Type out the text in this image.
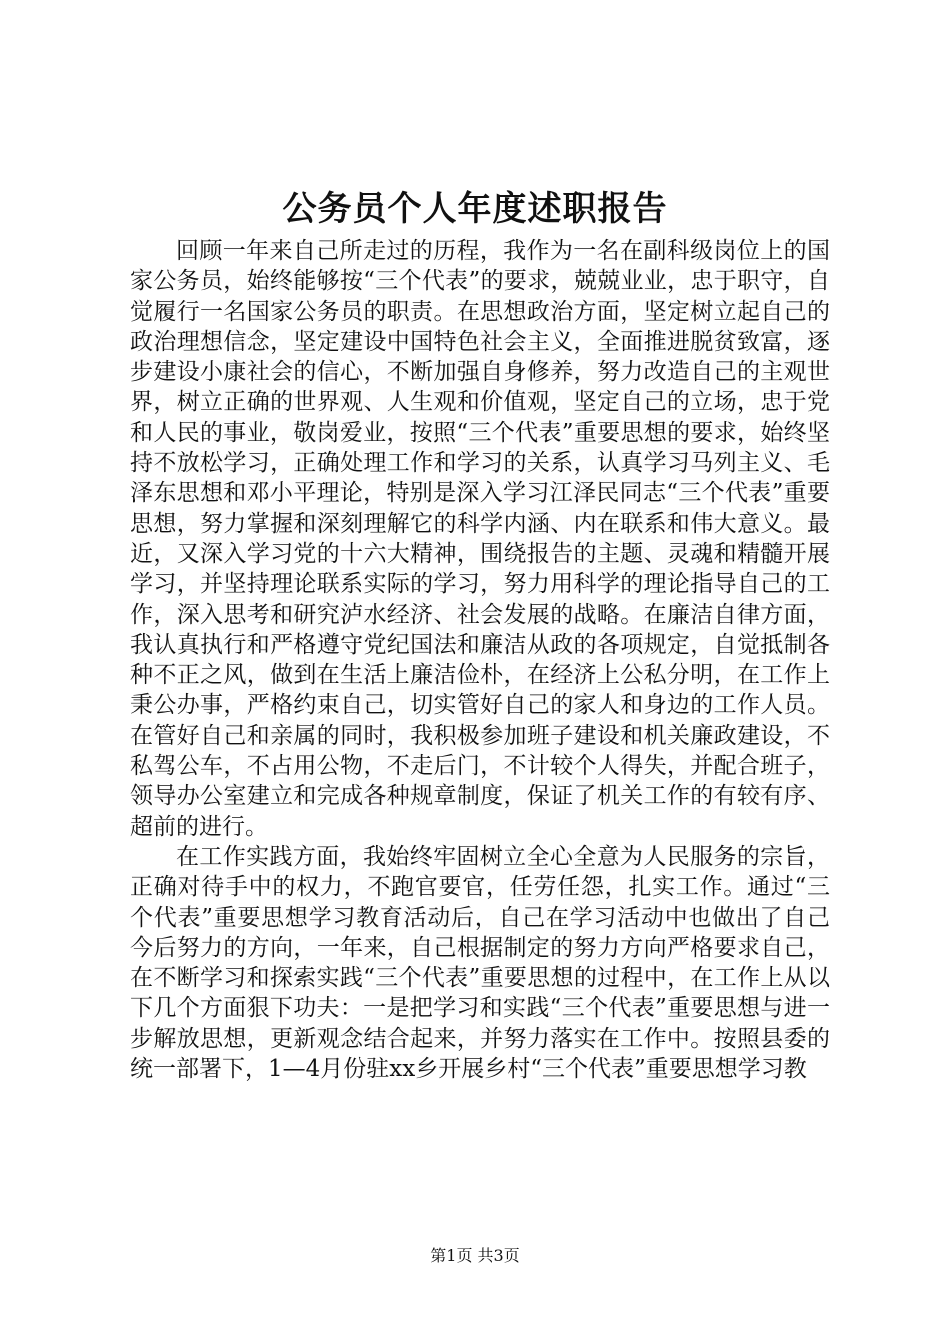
公务员个人年度述职报告

回顾一年来自己所走过的历程，我作为一名在副科级岗位上的国家公务员，始终能够按“三个代表”的要求，兢兢业业，忠于职守，自觉履行一名国家公务员的职责。在思想政治方面，坚定树立起自己的政治理想信念，坚定建设中国特色社会主义，全面推进脱贫致富，逐步建设小康社会的信心，不断加强自身修养，努力改造自己的主观世界，树立正确的世界观、人生观和价值观，坚定自己的立场，忠于党和人民的事业，敬岗爱业，按照“三个代表”重要思想的要求，始终坚持不放松学习，正确处理工作和学习的关系，认真学习马列主义、毛泽东思想和邓小平理论，特别是深入学习江泽民同志“三个代表”重要思想，努力掌握和深刻理解它的科学内涵、内在联系和伟大意义。最近，又深入学习党的十六大精神，围绕报告的主题、灵魂和精髓开展学习，并坚持理论联系实际的学习，努力用科学的理论指导自己的工作，深入思考和研究泸水经济、社会发展的战略。在廉洁自律方面，我认真执行和严格遵守党纪国法和廉洁从政的各项规定，自觉抵制各种不正之风，做到在生活上廉洁俭朴，在经济上公私分明，在工作上秉公办事，严格约束自己，切实管好自己的家人和身边的工作人员。在管好自己和亲属的同时，我积极参加班子建设和机关廉政建设，不私驾公车，不占用公物，不走后门，不计较个人得失，并配合班子，领导办公室建立和完成各种规章制度，保证了机关工作的有较有序、超前的进行。

在工作实践方面，我始终牢固树立全心全意为人民服务的宗旨，正确对待手中的权力，不跑官要官，任劳任怨，扎实工作。通过“三个代表”重要思想学习教育活动后，自己在学习活动中也做出了自己今后努力的方向，一年来，自己根据制定的努力方向严格要求自己，在不断学习和探索实践“三个代表”重要思想的过程中，在工作上从以下几个方面狠下功夫：一是把学习和实践“三个代表”重要思想与进一步解放思想，更新观念结合起来，并努力落实在工作中。按照县委的统一部署下，1—4月份驻xx乡开展乡村“三个代表”重要思想学习教

第1页 共3页
